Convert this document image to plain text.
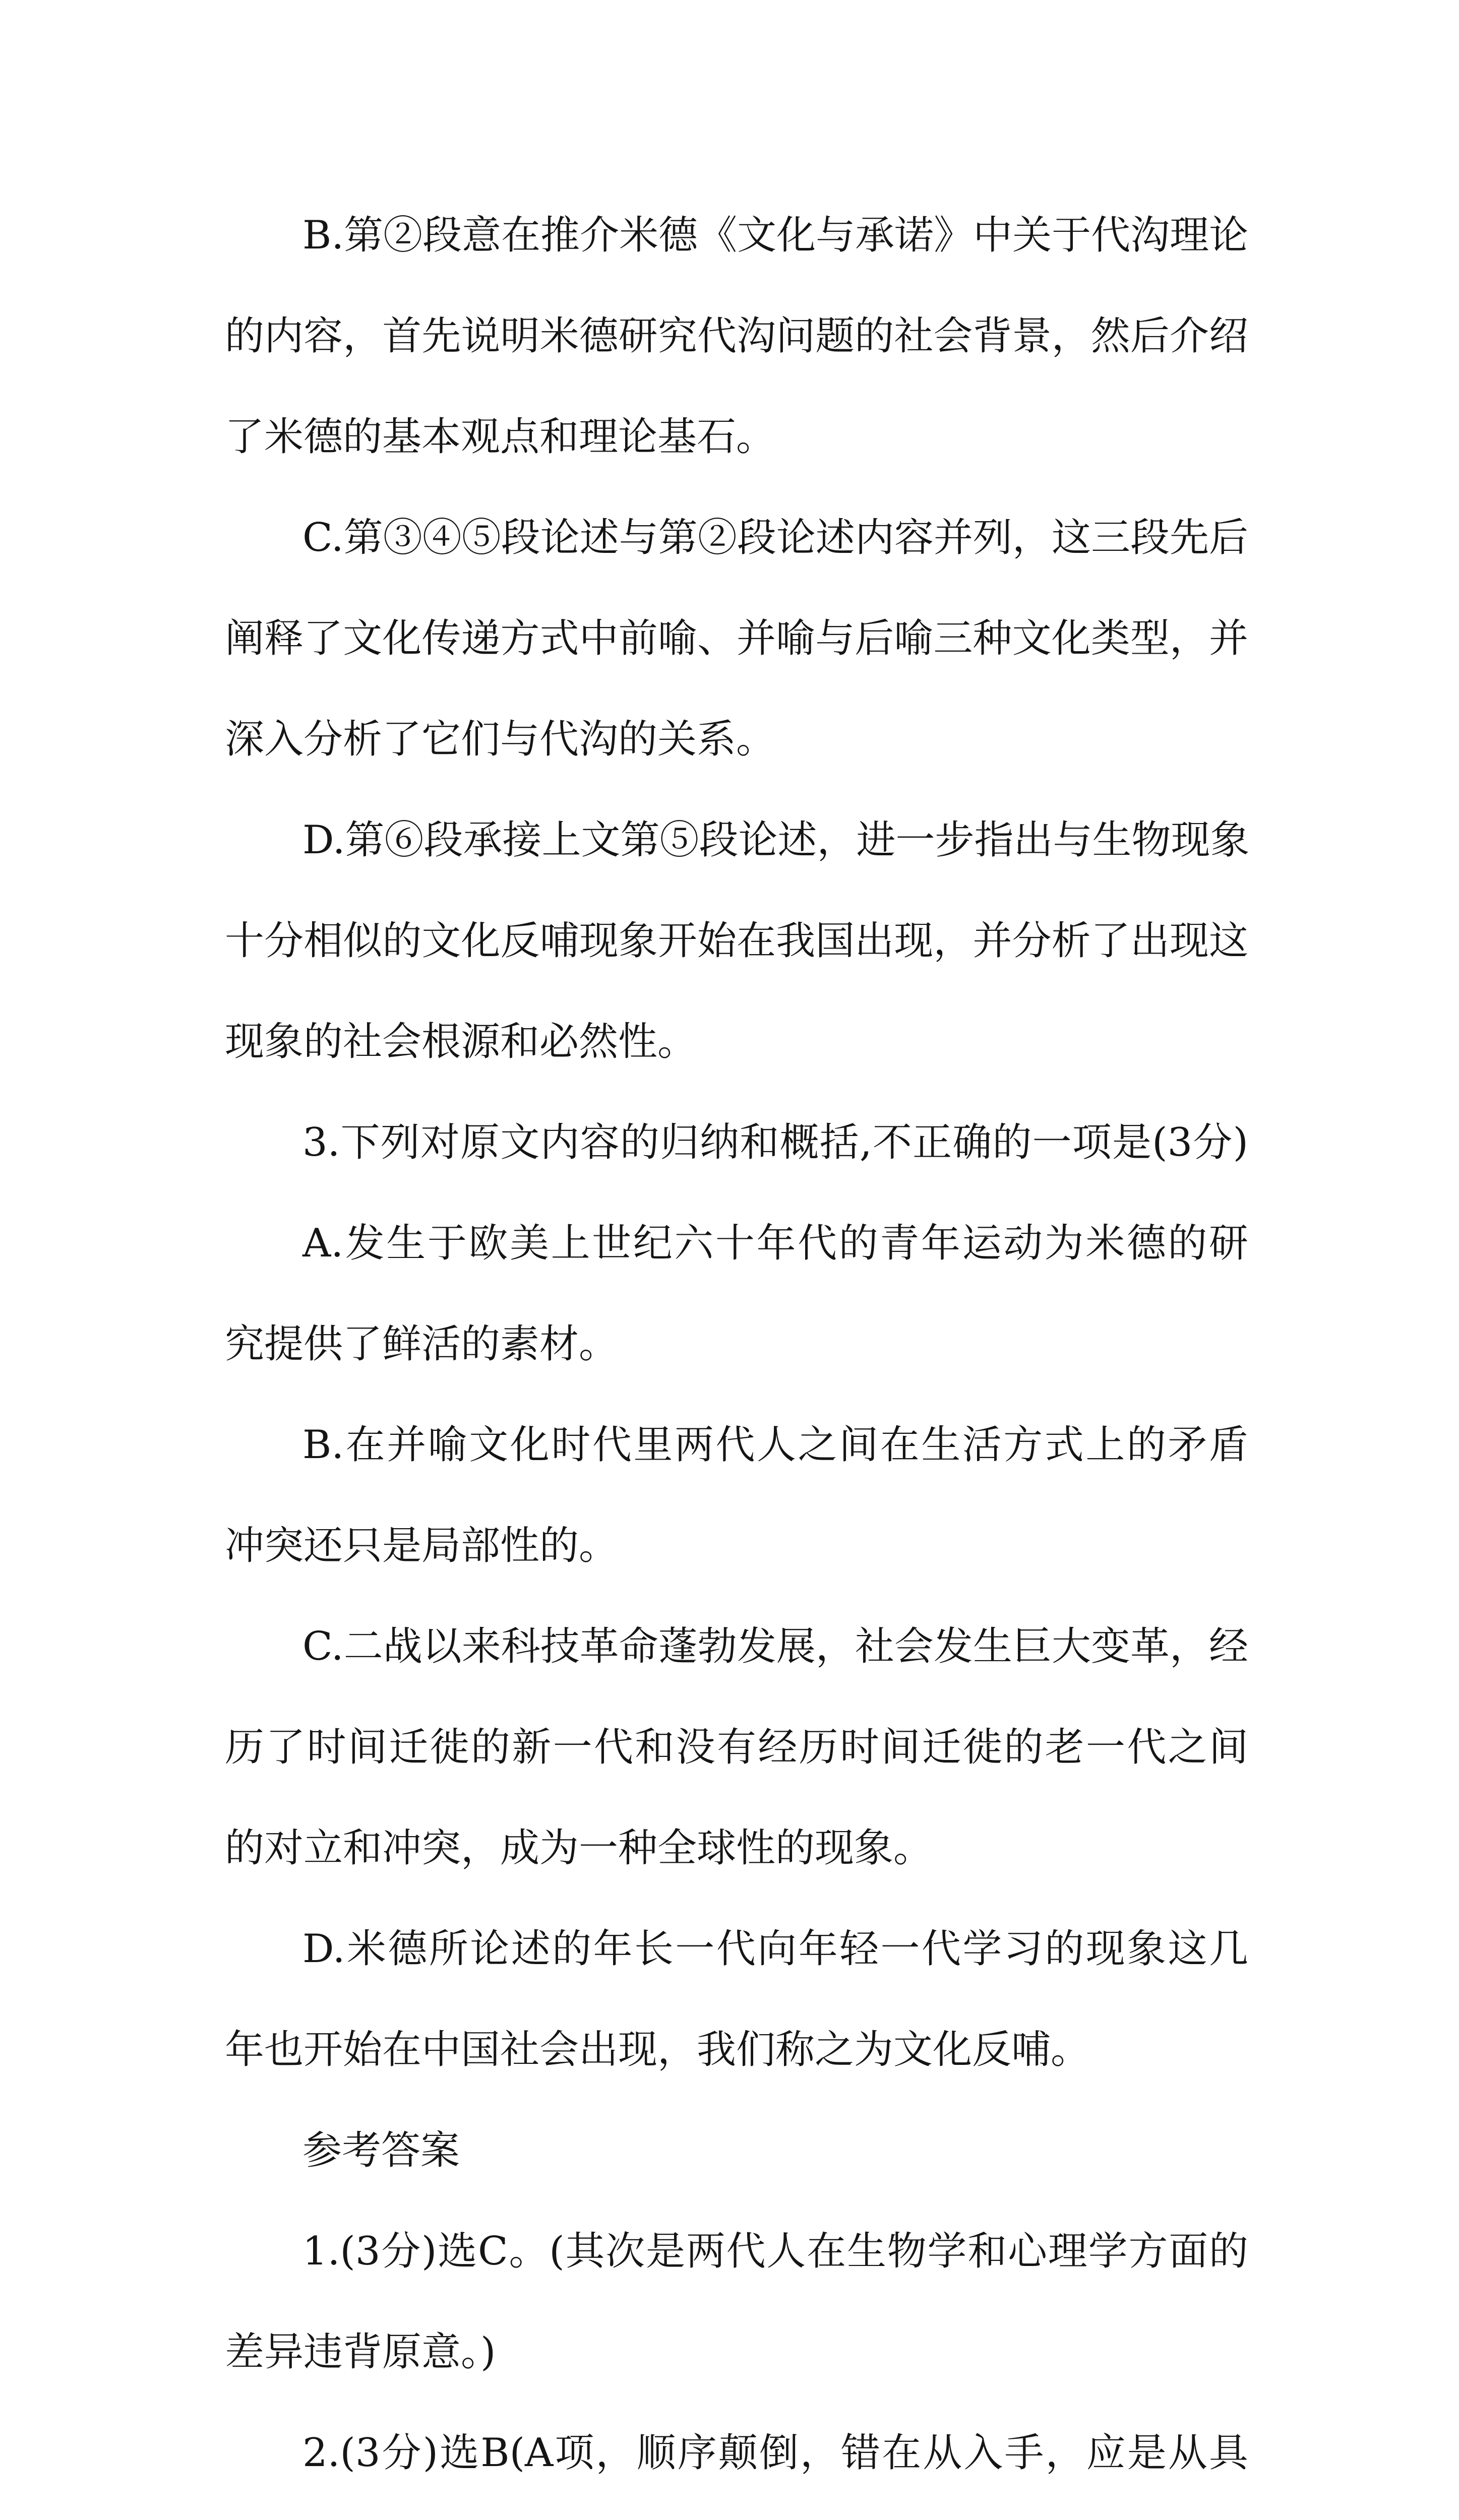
B.第②段意在推介米德《文化与承诺》中关于代沟理论
的内容，首先说明米德研究代沟问题的社会背景，然后介绍
了米德的基本观点和理论基石。
C.第③④⑤段论述与第②段论述内容并列，这三段先后
阐释了文化传递方式中前喻、并喻与后喻三种文化类型，并
深入分析了它们与代沟的关系。
D.第⑥段承接上文第⑤段论述，进一步指出与生物现象
十分相似的文化反哺现象开始在我国出现，并分析了出现这
现象的社会根源和必然性。
3.下列对原文内容的归纳和概括,不正确的一项是(3分)
A.发生于欧美上世纪六十年代的青年运动为米德的研
究提供了鲜活的素材。
B.在并喻文化时代里两代人之间在生活方式上的矛盾
冲突还只是局部性的。
C.二战以来科技革命蓬勃发展，社会发生巨大变革，经
历了时间迁徙的新一代和没有经历时间迁徙的老一代之间
的对立和冲突，成为一种全球性的现象。
D.米德所论述的年长一代向年轻一代学习的现象这几
年也开始在中国社会出现，我们称之为文化反哺。
参考答案
1.(3分)选C。(其次是两代人在生物学和心理学方面的
差异违背原意。)
2.(3分)选B(A项，顺序颠倒，错在从入手，应是从具
